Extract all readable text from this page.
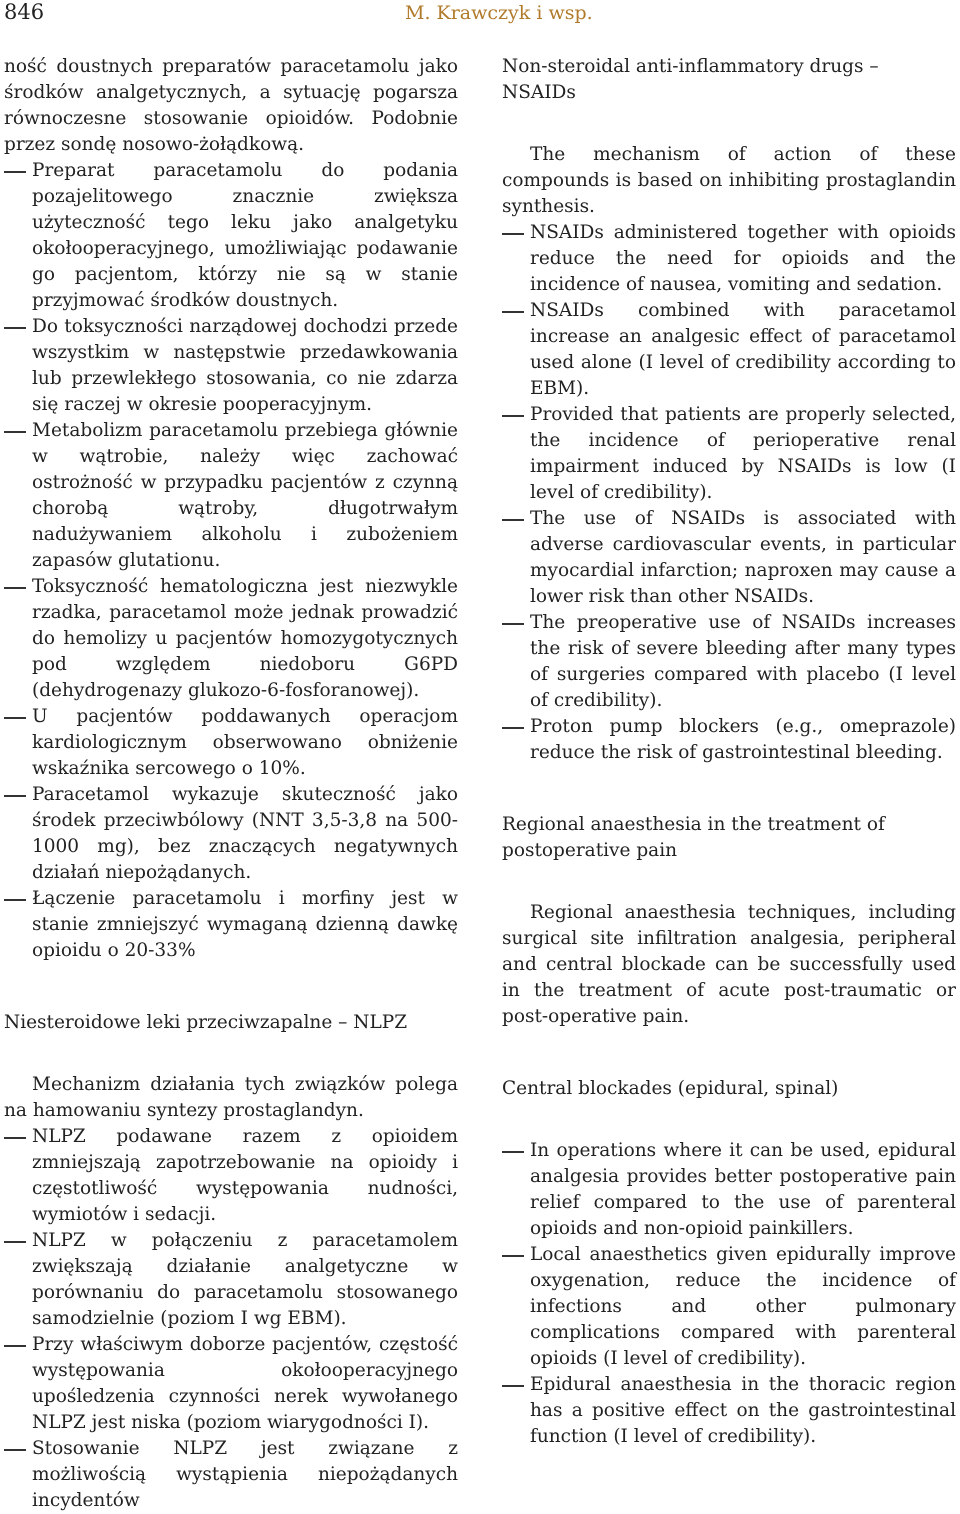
846	M. Krawczyk i wsp.

ność doustnych preparatów paracetamolu jako środków analgetycznych, a sytuację pogarsza równoczesne stosowanie opioidów. Podobnie przez sondę nosowo-żołądkową.

Preparat paracetamolu do podania pozajelitowego znacznie zwiększa użyteczność tego leku jako analgetyku okołooperacyjnego, umożliwiając podawanie go pacjentom, którzy nie są w stanie przyjmować środków doustnych.
Do toksyczności narządowej dochodzi przede wszystkim w następstwie przedawkowania lub przewlekłego stosowania, co nie zdarza się raczej w okresie pooperacyjnym.
Metabolizm paracetamolu przebiega głównie w wątrobie, należy więc zachować ostrożność w przypadku pacjentów z czynną chorobą wątroby, długotrwałym nadużywaniem alkoholu i zubożeniem zapasów glutationu.
Toksyczność hematologiczna jest niezwykle rzadka, paracetamol może jednak prowadzić do hemolizy u pacjentów homozygotycznych pod względem niedoboru G6PD (dehydrogenazy glukozo-6-fosforanowej).
U pacjentów poddawanych operacjom kardiologicznym obserwowano obniżenie wskaźnika sercowego o 10%.
Paracetamol wykazuje skuteczność jako środek przeciwbólowy (NNT 3,5-3,8 na 500-1000 mg), bez znaczących negatywnych działań niepożądanych.
Łączenie paracetamolu i morfiny jest w stanie zmniejszyć wymaganą dzienną dawkę opioidu o 20-33%
Niesteroidowe leki przeciwzapalne – NLPZ

Mechanizm działania tych związków polega na hamowaniu syntezy prostaglandyn.

NLPZ podawane razem z opioidem zmniejszają zapotrzebowanie na opioidy i częstotliwość występowania nudności, wymiotów i sedacji.
NLPZ w połączeniu z paracetamolem zwiększają działanie analgetyczne w porównaniu do paracetamolu stosowanego samodzielnie (poziom I wg EBM).
Przy właściwym doborze pacjentów, częstość występowania okołooperacyjnego upośledzenia czynności nerek wywołanego NLPZ jest niska (poziom wiarygodności I).
Stosowanie NLPZ jest związane z możliwością wystąpienia niepożądanych incydentów
Non-steroidal anti-inflammatory drugs –
NSAIDs

The mechanism of action of these compounds is based on inhibiting prostaglandin synthesis.

NSAIDs administered together with opioids reduce the need for opioids and the incidence of nausea, vomiting and sedation.
NSAIDs combined with paracetamol increase an analgesic effect of paracetamol used alone (I level of credibility according to EBM).
Provided that patients are properly selected, the incidence of perioperative renal impairment induced by NSAIDs is low (I level of credibility).
The use of NSAIDs is associated with adverse cardiovascular events, in particular myocardial infarction; naproxen may cause a lower risk than other NSAIDs.
The preoperative use of NSAIDs increases the risk of severe bleeding after many types of surgeries compared with placebo (I level of credibility).
Proton pump blockers (e.g., omeprazole) reduce the risk of gastrointestinal bleeding.
Regional anaesthesia in the treatment of
postoperative pain

Regional anaesthesia techniques, including surgical site infiltration analgesia, peripheral and central blockade can be successfully used in the treatment of acute post-traumatic or post-operative pain.

Central blockades (epidural, spinal)
In operations where it can be used, epidural analgesia provides better postoperative pain relief compared to the use of parenteral opioids and non-opioid painkillers.
Local anaesthetics given epidurally improve oxygenation, reduce the incidence of infections and other pulmonary complications compared with parenteral opioids (I level of credibility).
Epidural anaesthesia in the thoracic region has a positive effect on the gastrointestinal function (I level of credibility).
